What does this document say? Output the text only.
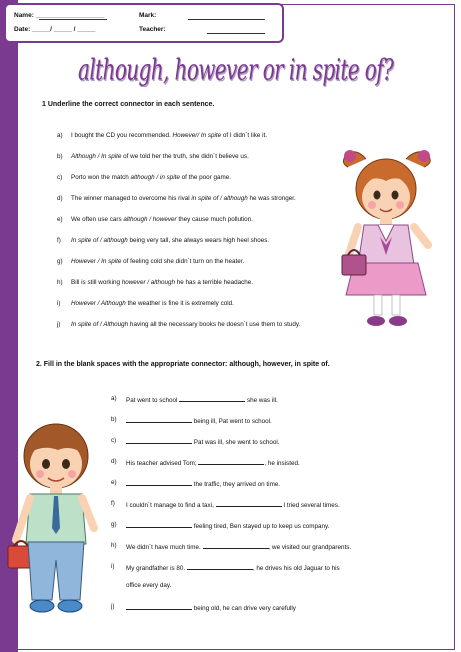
Name: ___________________	Mark:
Date: _____/ _____ / _____	Teacher:
although, however or in spite of?
1 Underline the correct connector in each sentence.
a) I bought the CD you recommended. However/ In spite of I didn´t like it.
b) Although / In spite of we told her the truth, she didn´t believe us.
c) Porto won the match although / in spite of the poor game.
d) The winner managed to overcome his rival in spite of / although he was stronger.
e) We often use cars although / however they cause much pollution.
f) In spite of / although being very tall, she always wears high heel shoes.
g) However / In spite of feeling cold she didn´t turn on the heater.
h) Bill is still working however / although he has a terrible headache.
i) However / Although the weather is fine it is extremely cold.
j) In spite of / Although having all the necessary books he doesn´t use them to study.
2. Fill in the blank spaces with the appropriate connector: although, however, in spite of.
a) Pat went to school	she was ill.
b)	being ill, Pat went to school.
c)	Pat was ill, she went to school.
d) His teacher advised Tom;	, he insisted.
e)	the traffic, they arrived on time.
f) I couldn´t manage to find a taxi,	I tried several times.
g)	feeling tired, Ben stayed up to keep us company.
h) We didn´t have much time.	, we visited our grandparents.
i) My grandfather is 80.	, he drives his old Jaguar to his
office every day.
j)	being old, he can drive very carefully
